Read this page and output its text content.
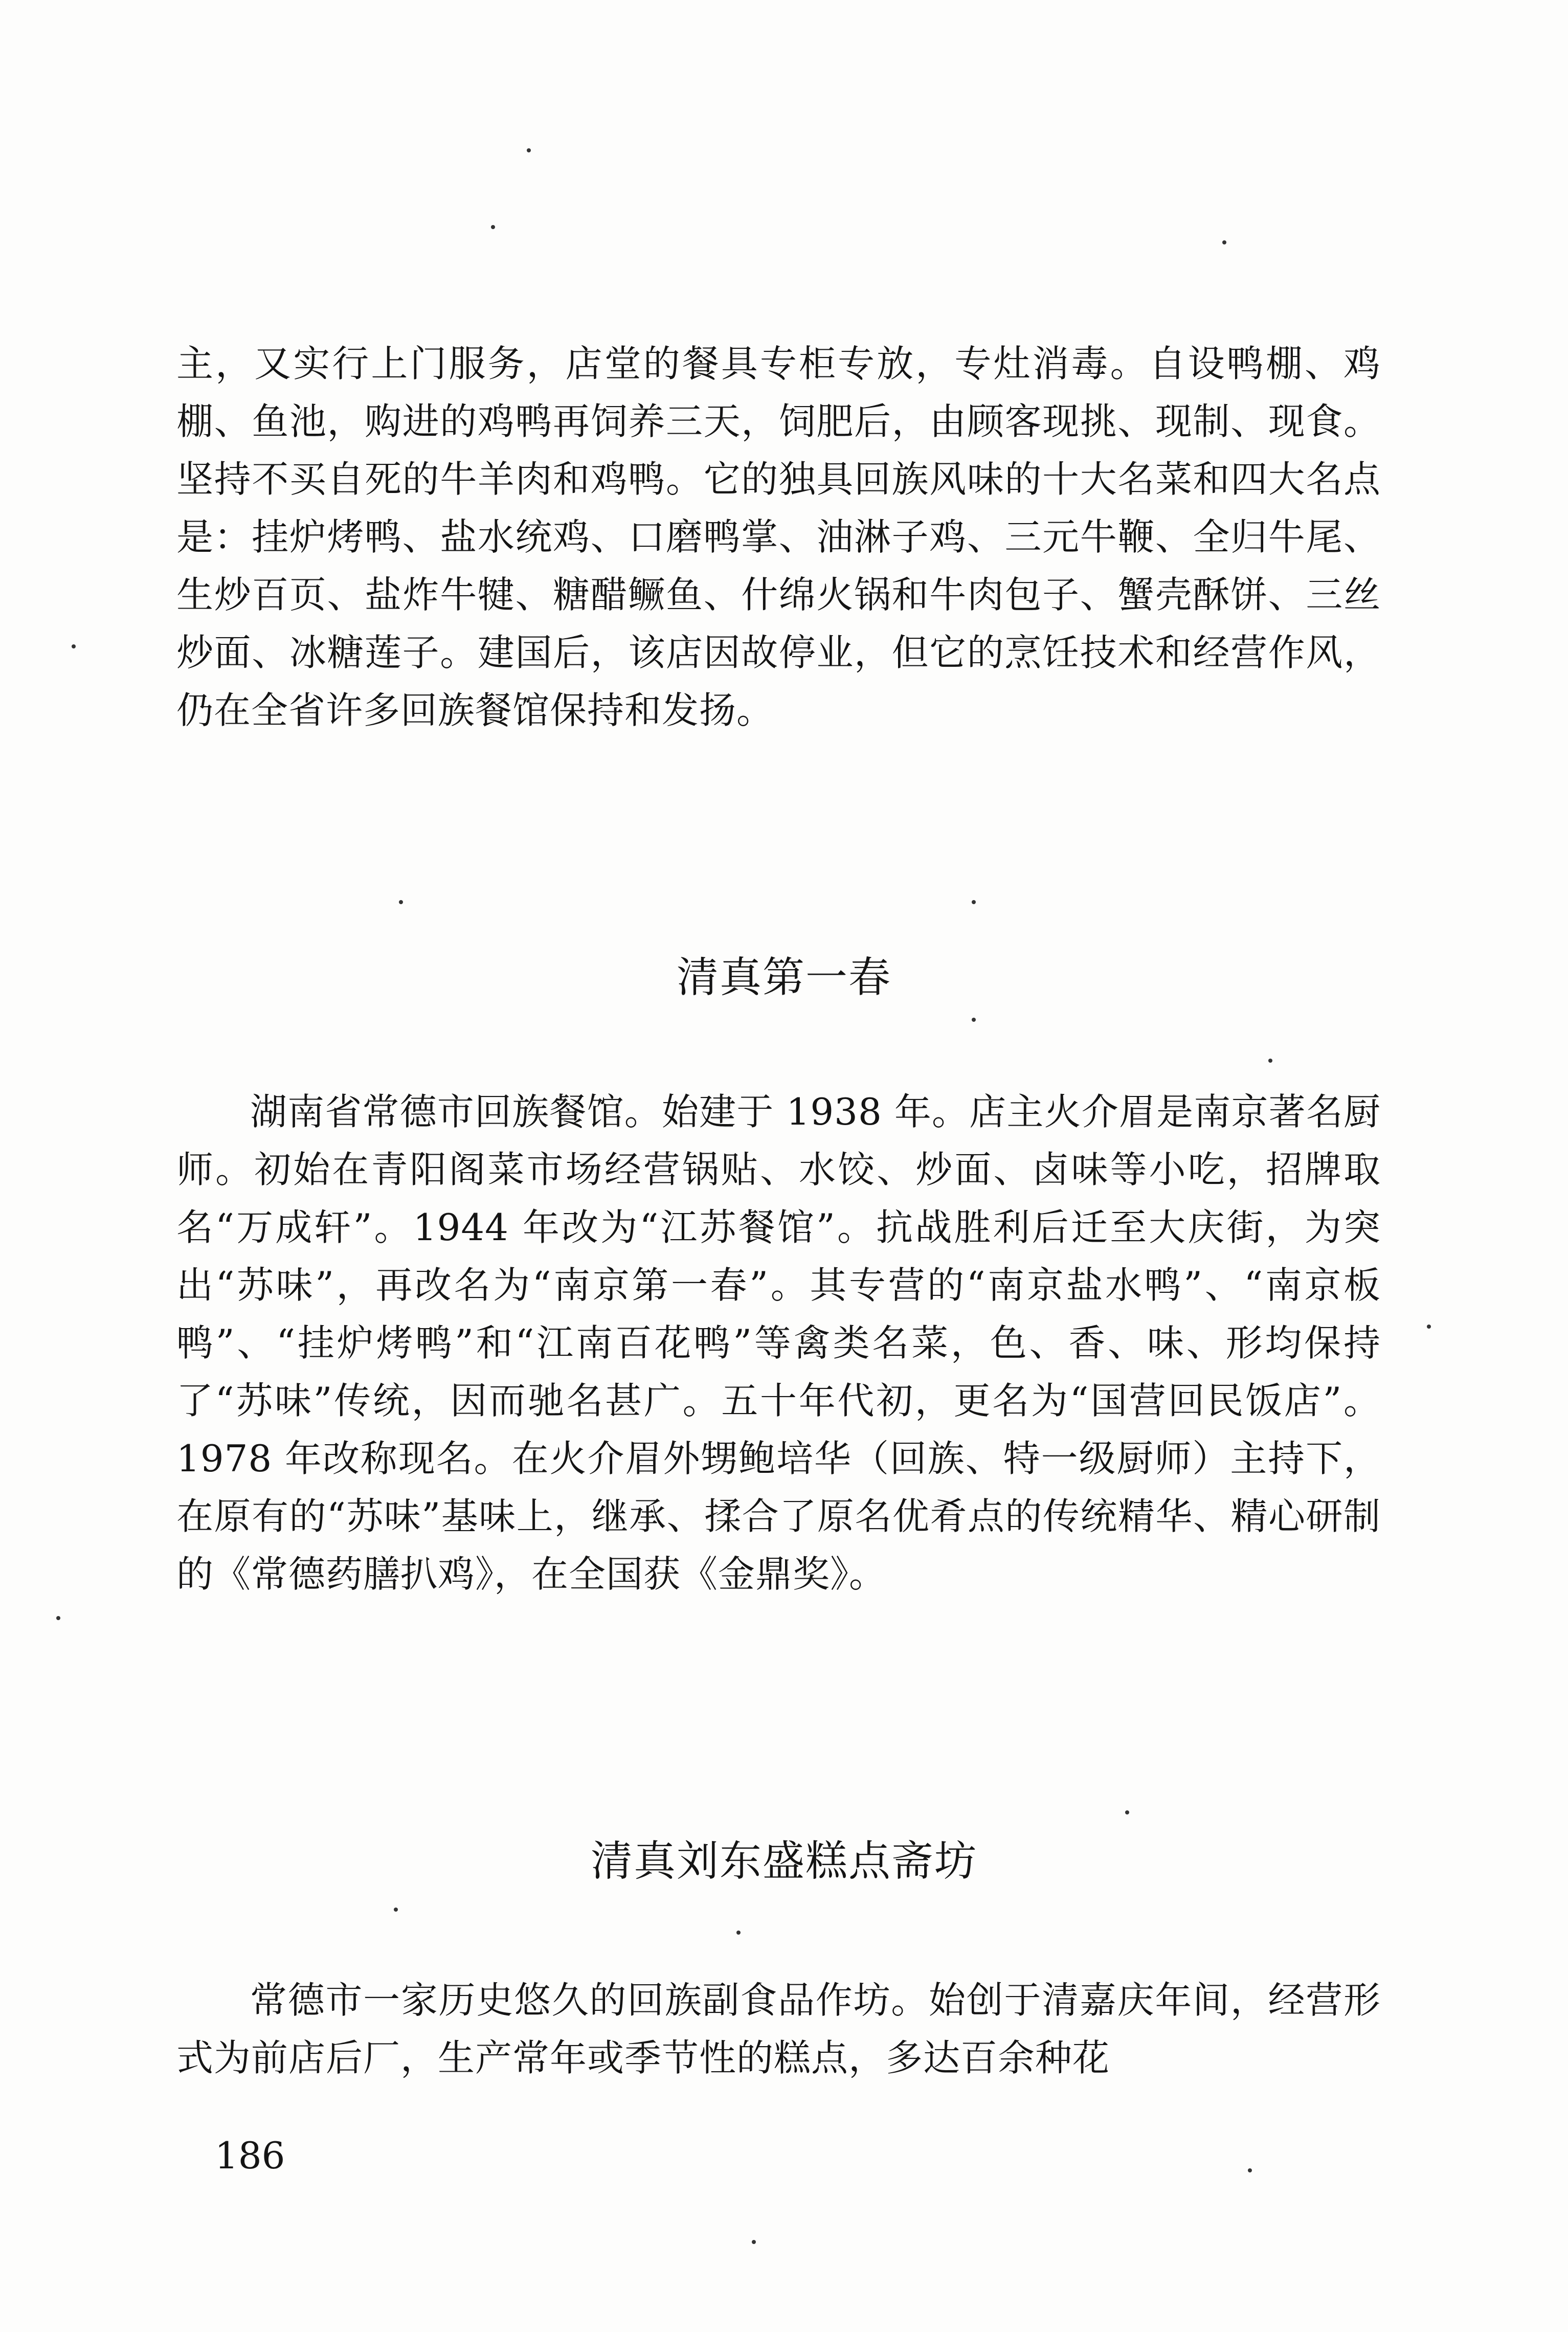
主，又实行上门服务，店堂的餐具专柜专放，专灶消毒。自设鸭棚、鸡棚、鱼池，购进的鸡鸭再饲养三天，饲肥后，由顾客现挑、现制、现食。坚持不买自死的牛羊肉和鸡鸭。它的独具回族风味的十大名菜和四大名点是：挂炉烤鸭、盐水统鸡、口磨鸭掌、油淋子鸡、三元牛鞭、全归牛尾、生炒百页、盐炸牛犍、糖醋鳜鱼、什绵火锅和牛肉包子、蟹壳酥饼、三丝炒面、冰糖莲子。建国后，该店因故停业，但它的烹饪技术和经营作风，仍在全省许多回族餐馆保持和发扬。

清真第一春

湖南省常德市回族餐馆。始建于 1938 年。店主火介眉是南京著名厨师。初始在青阳阁菜市场经营锅贴、水饺、炒面、卤味等小吃，招牌取名“万成轩”。1944 年改为“江苏餐馆”。抗战胜利后迁至大庆街，为突出“苏味”，再改名为“南京第一春”。其专营的“南京盐水鸭”、“南京板鸭”、“挂炉烤鸭”和“江南百花鸭”等禽类名菜，色、香、味、形均保持了“苏味”传统，因而驰名甚广。五十年代初，更名为“国营回民饭店”。1978 年改称现名。在火介眉外甥鲍培华（回族、特一级厨师）主持下，在原有的“苏味”基味上，继承、揉合了原名优肴点的传统精华、精心研制的《常德药膳扒鸡》，在全国获《金鼎奖》。

清真刘东盛糕点斋坊

常德市一家历史悠久的回族副食品作坊。始创于清嘉庆年间，经营形式为前店后厂，生产常年或季节性的糕点，多达百余种花

186
